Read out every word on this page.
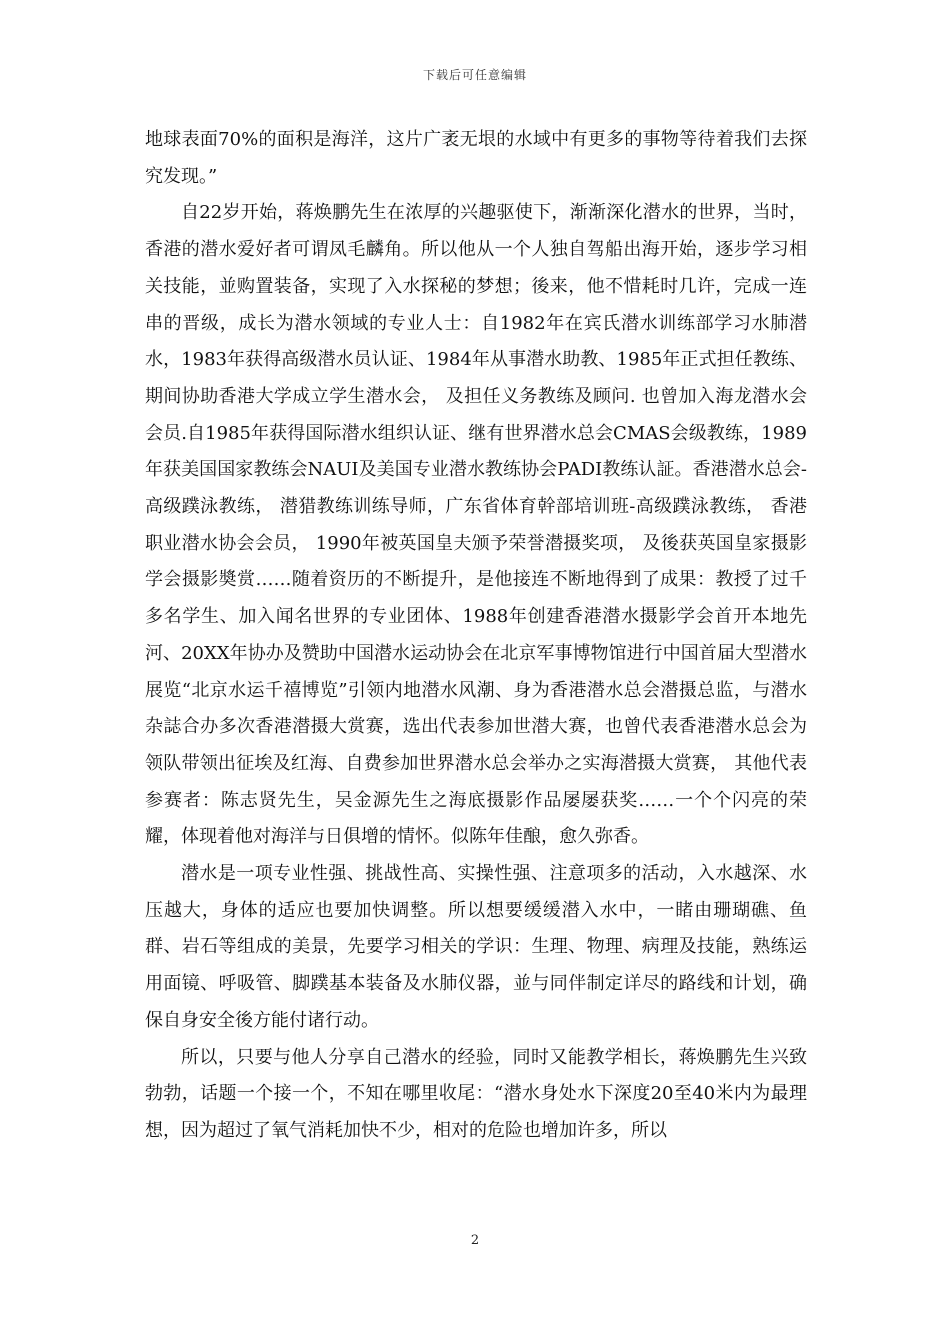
下载后可任意编辑

地球表面70%的面积是海洋，这片广袤无垠的水域中有更多的事物等待着我们去探究发现。”

自22岁开始，蒋焕鹏先生在浓厚的兴趣驱使下，渐渐深化潜水的世界，当时，香港的潜水爱好者可谓凤毛麟角。所以他从一个人独自驾船出海开始，逐步学习相关技能，並购置装备，实现了入水探秘的梦想；後来，他不惜耗时几许，完成一连串的晋级，成长为潜水领域的专业人士：自1982年在宾氏潜水训练部学习水肺潜水，1983年获得高级潜水员认证、1984年从事潜水助教、1985年正式担任教练、期间协助香港大学成立学生潜水会， 及担任义务教练及顾问. 也曾加入海龙潜水会会员.自1985年获得国际潜水组织认证、继有世界潜水总会CMAS会级教练，1989年获美国国家教练会NAUI及美国专业潜水教练协会PADI教练认証。香港潜水总会-高级蹼泳教练， 潜猎教练训练导师，广东省体育幹部培训班-高级蹼泳教练， 香港职业潜水协会会员， 1990年被英国皇夫颁予荣誉潜摄奖项， 及後获英国皇家摄影学会摄影奬赏……随着资历的不断提升，是他接连不断地得到了成果：教授了过千多名学生、加入闻名世界的专业团体、1988年创建香港潜水摄影学会首开本地先河、20XX年协办及赞助中国潜水运动协会在北京军事博物馆进行中国首届大型潜水展览“北京水运千禧博览”引领内地潜水风潮、身为香港潜水总会潜摄总监，与潜水杂誌合办多次香港潜摄大赏赛，选出代表参加世潜大赛，也曾代表香港潜水总会为领队带领出征埃及红海、自费参加世界潜水总会举办之实海潜摄大赏赛， 其他代表参赛者：陈志贤先生，吴金源先生之海底摄影作品屡屡获奖……一个个闪亮的荣耀，体现着他对海洋与日俱增的情怀。似陈年佳酿，愈久弥香。

潜水是一项专业性强、挑战性高、实操性强、注意项多的活动，入水越深、水压越大，身体的适应也要加快调整。所以想要缓缓潜入水中，一睹由珊瑚礁、鱼群、岩石等组成的美景，先要学习相关的学识：生理、物理、病理及技能，熟练运用面镜、呼吸管、脚蹼基本装备及水肺仪器，並与同伴制定详尽的路线和计划，确保自身安全後方能付诸行动。

所以，只要与他人分享自己潜水的经验，同时又能教学相长，蒋焕鹏先生兴致勃勃，话题一个接一个，不知在哪里收尾：“潜水身处水下深度20至40米内为最理想，因为超过了氧气消耗加快不少，相对的危险也增加许多，所以

2
